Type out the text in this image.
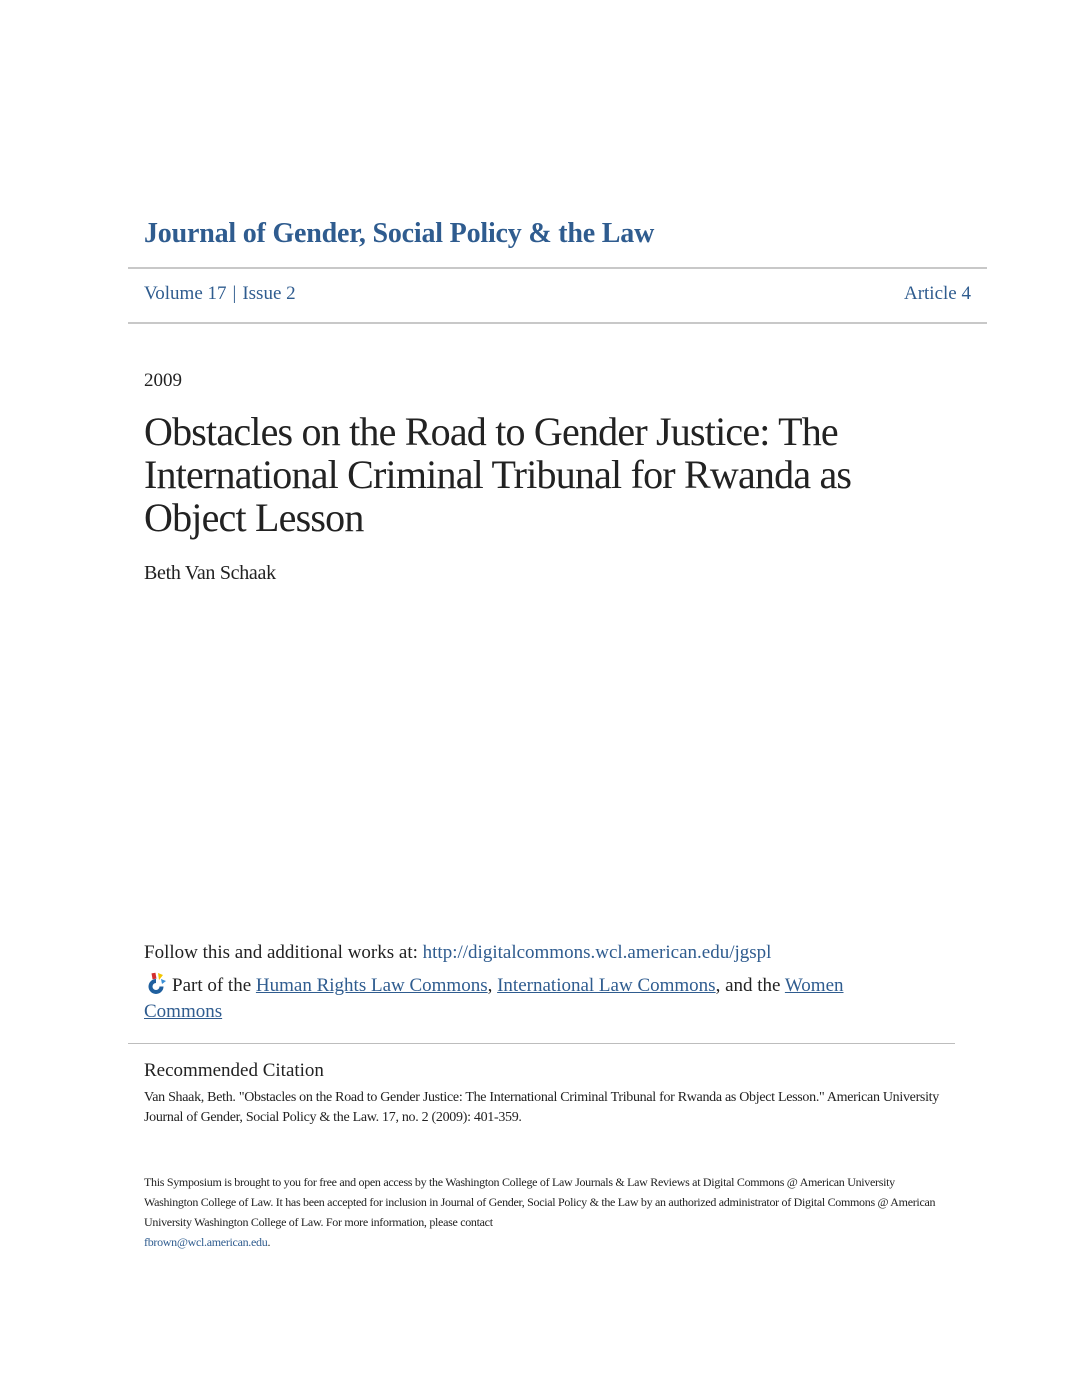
Journal of Gender, Social Policy & the Law
Volume 17 | Issue 2	Article 4
2009
Obstacles on the Road to Gender Justice: The International Criminal Tribunal for Rwanda as Object Lesson
Beth Van Schaak
Follow this and additional works at: http://digitalcommons.wcl.american.edu/jgspl
Part of the Human Rights Law Commons, International Law Commons, and the Women Commons
Recommended Citation
Van Shaak, Beth. "Obstacles on the Road to Gender Justice: The International Criminal Tribunal for Rwanda as Object Lesson." American University Journal of Gender, Social Policy & the Law. 17, no. 2 (2009): 401-359.
This Symposium is brought to you for free and open access by the Washington College of Law Journals & Law Reviews at Digital Commons @ American University Washington College of Law. It has been accepted for inclusion in Journal of Gender, Social Policy & the Law by an authorized administrator of Digital Commons @ American University Washington College of Law. For more information, please contact
fbrown@wcl.american.edu.
